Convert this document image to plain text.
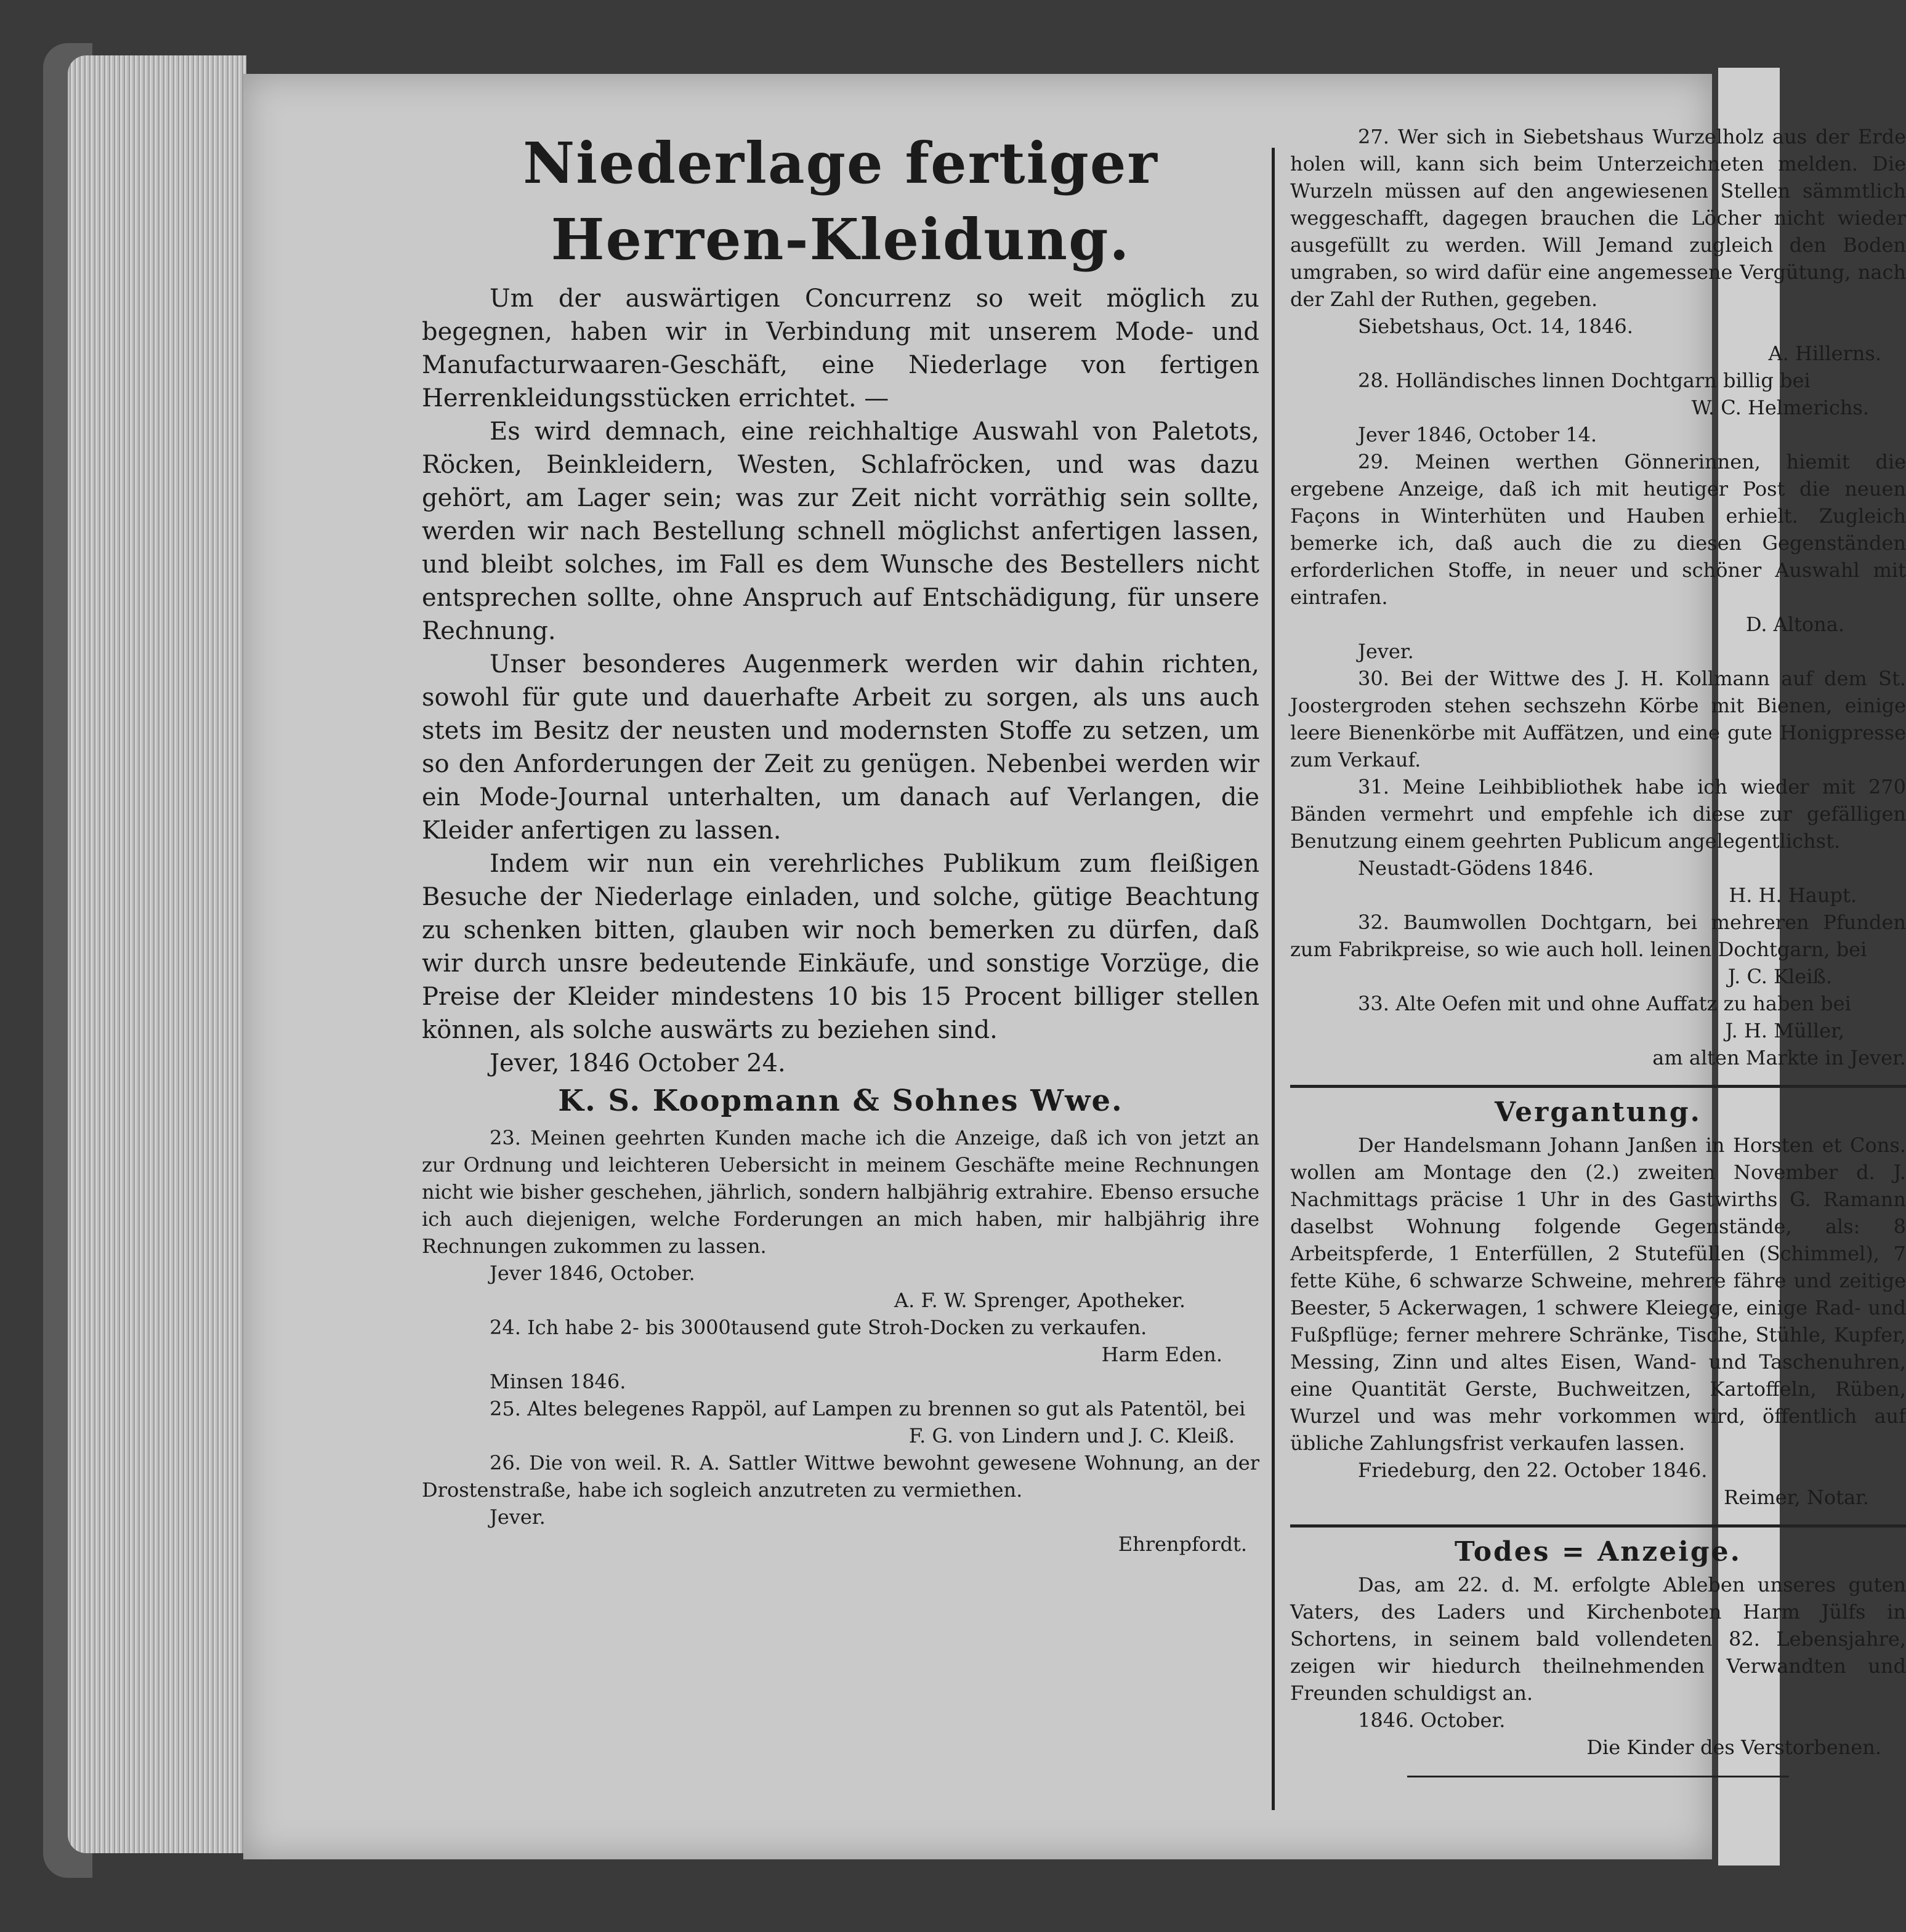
Niederlage fertiger
Herren-Kleidung.

Um der auswärtigen Concurrenz so weit möglich zu begegnen, haben wir in Verbindung mit unserem Mode- und Manufacturwaaren-Geschäft, eine Niederlage von fertigen Herrenkleidungsstücken errichtet. —

Es wird demnach, eine reichhaltige Auswahl von Paletots, Röcken, Beinkleidern, Westen, Schlafröcken, und was dazu gehört, am Lager sein; was zur Zeit nicht vorräthig sein sollte, werden wir nach Bestellung schnell möglichst anfertigen lassen, und bleibt solches, im Fall es dem Wunsche des Bestellers nicht entsprechen sollte, ohne Anspruch auf Entschädigung, für unsere Rechnung.

Unser besonderes Augenmerk werden wir dahin richten, sowohl für gute und dauerhafte Arbeit zu sorgen, als uns auch stets im Besitz der neusten und modernsten Stoffe zu setzen, um so den Anforderungen der Zeit zu genügen. Nebenbei werden wir ein Mode-Journal unterhalten, um danach auf Verlangen, die Kleider anfertigen zu lassen.

Indem wir nun ein verehrliches Publikum zum fleißigen Besuche der Niederlage einladen, und solche, gütige Beachtung zu schenken bitten, glauben wir noch bemerken zu dürfen, daß wir durch unsre bedeutende Einkäufe, und sonstige Vorzüge, die Preise der Kleider mindestens 10 bis 15 Procent billiger stellen können, als solche auswärts zu beziehen sind.

Jever, 1846 October 24.

K. S. Koopmann & Sohnes Wwe.

23. Meinen geehrten Kunden mache ich die Anzeige, daß ich von jetzt an zur Ordnung und leichteren Uebersicht in meinem Geschäfte meine Rechnungen nicht wie bisher geschehen, jährlich, sondern halbjährig extrahire. Ebenso ersuche ich auch diejenigen, welche Forderungen an mich haben, mir halbjährig ihre Rechnungen zukommen zu lassen.

Jever 1846, October.

A. F. W. Sprenger, Apotheker.

24. Ich habe 2- bis 3000tausend gute Stroh-Docken zu verkaufen.

Harm Eden.

Minsen 1846.

25. Altes belegenes Rappöl, auf Lampen zu brennen so gut als Patentöl, bei

F. G. von Lindern und J. C. Kleiß.

26. Die von weil. R. A. Sattler Wittwe bewohnt gewesene Wohnung, an der Drostenstraße, habe ich sogleich anzutreten zu vermiethen.

Jever.

Ehrenpfordt.

27. Wer sich in Siebetshaus Wurzelholz aus der Erde holen will, kann sich beim Unterzeichneten melden. Die Wurzeln müssen auf den angewiesenen Stellen sämmtlich weggeschafft, dagegen brauchen die Löcher nicht wieder ausgefüllt zu werden. Will Jemand zugleich den Boden umgraben, so wird dafür eine angemessene Vergütung, nach der Zahl der Ruthen, gegeben.

Siebetshaus, Oct. 14, 1846.

A. Hillerns.

28. Holländisches linnen Dochtgarn billig bei

W. C. Helmerichs.

Jever 1846, October 14.

29. Meinen werthen Gönnerinnen, hiemit die ergebene Anzeige, daß ich mit heutiger Post die neuen Façons in Winterhüten und Hauben erhielt. Zugleich bemerke ich, daß auch die zu diesen Gegenständen erforderlichen Stoffe, in neuer und schöner Auswahl mit eintrafen.

D. Altona.

Jever.

30. Bei der Wittwe des J. H. Kollmann auf dem St. Joostergroden stehen sechszehn Körbe mit Bienen, einige leere Bienenkörbe mit Auffätzen, und eine gute Honigpresse zum Verkauf.

31. Meine Leihbibliothek habe ich wieder mit 270 Bänden vermehrt und empfehle ich diese zur gefälligen Benutzung einem geehrten Publicum angelegentlichst.

Neustadt-Gödens 1846.

H. H. Haupt.

32. Baumwollen Dochtgarn, bei mehreren Pfunden zum Fabrikpreise, so wie auch holl. leinen Dochtgarn, bei

J. C. Kleiß.

33. Alte Oefen mit und ohne Auffatz zu haben bei

J. H. Müller,

am alten Markte in Jever.

Vergantung.

Der Handelsmann Johann Janßen in Horsten et Cons. wollen am Montage den (2.) zweiten November d. J. Nachmittags präcise 1 Uhr in des Gastwirths G. Ramann daselbst Wohnung folgende Gegenstände, als: 8 Arbeitspferde, 1 Enterfüllen, 2 Stutefüllen (Schimmel), 7 fette Kühe, 6 schwarze Schweine, mehrere fähre und zeitige Beester, 5 Ackerwagen, 1 schwere Kleiegge, einige Rad- und Fußpflüge; ferner mehrere Schränke, Tische, Stühle, Kupfer, Messing, Zinn und altes Eisen, Wand- und Taschenuhren, eine Quantität Gerste, Buchweitzen, Kartoffeln, Rüben, Wurzel und was mehr vorkommen wird, öffentlich auf übliche Zahlungsfrist verkaufen lassen.

Friedeburg, den 22. October 1846.

Reimer, Notar.

Todes = Anzeige.

Das, am 22. d. M. erfolgte Ableben unseres guten Vaters, des Laders und Kirchenboten Harm Jülfs in Schortens, in seinem bald vollendeten 82. Lebensjahre, zeigen wir hiedurch theilnehmenden Verwandten und Freunden schuldigst an.

1846. October.

Die Kinder des Verstorbenen.
